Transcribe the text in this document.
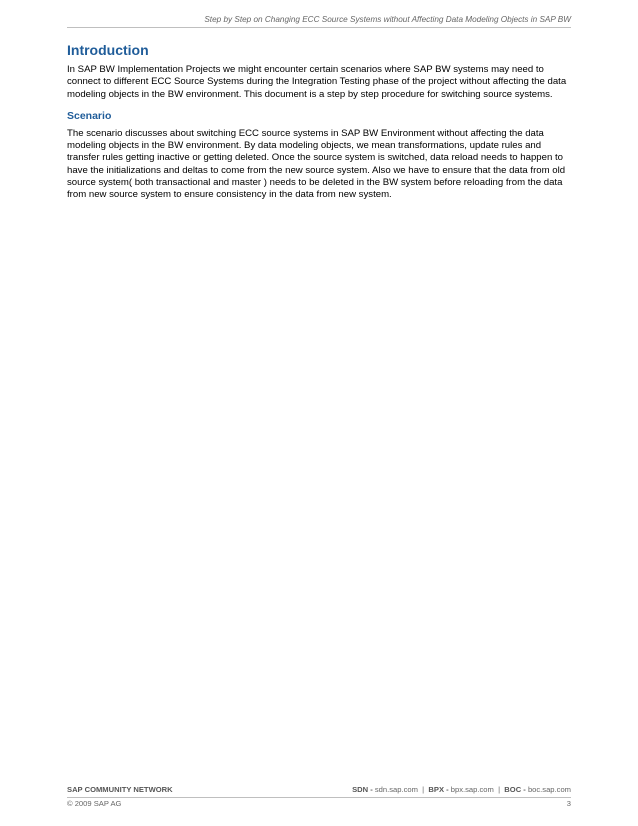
Step by Step on Changing ECC Source Systems without Affecting Data Modeling Objects in SAP BW
Introduction

In SAP BW Implementation Projects we might encounter certain scenarios where SAP BW systems may need to connect to different ECC Source Systems during the Integration Testing phase of the project without affecting the data modeling objects in the BW environment. This document is a step by step procedure for switching source systems.

Scenario

The scenario discusses about switching ECC source systems in SAP BW Environment without affecting the data modeling objects in the BW environment. By data modeling objects, we mean transformations, update rules and transfer rules getting inactive or getting deleted. Once the source system is switched, data reload needs to happen to have the initializations and deltas to come from the new source system. Also we have to ensure that the data from old source system( both transactional and master ) needs to be deleted in the BW system before reloading from the data from new source system to ensure consistency in the data from new system.

SAP COMMUNITY NETWORK	SDN - sdn.sap.com | BPX - bpx.sap.com | BOC - boc.sap.com
© 2009 SAP AG	3
